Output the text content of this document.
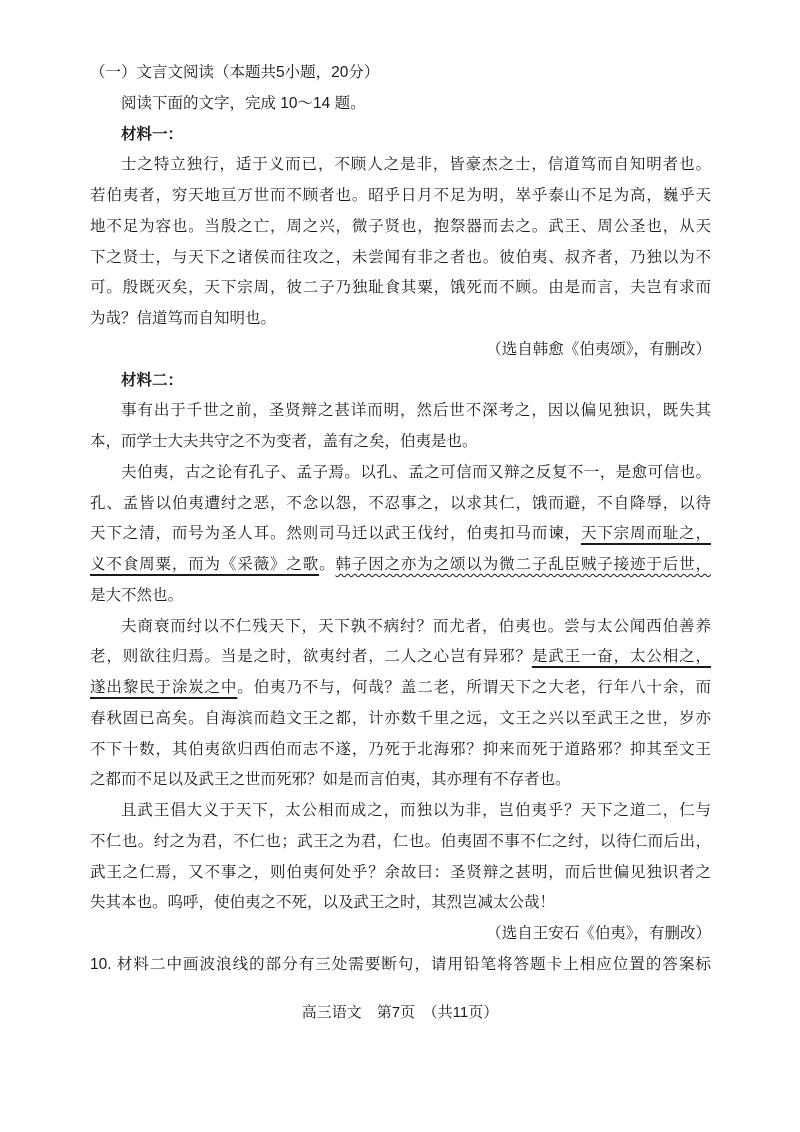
（一）文言文阅读（本题共5小题，20分）
阅读下面的文字，完成 10～14 题。
材料一：
士之特立独行，适于义而已，不顾人之是非，皆豪杰之士，信道笃而自知明者也。
若伯夷者，穷天地亘万世而不顾者也。昭乎日月不足为明，崒乎泰山不足为高，巍乎天
地不足为容也。当殷之亡，周之兴，微子贤也，抱祭器而去之。武王、周公圣也，从天
下之贤士，与天下之诸侯而往攻之，未尝闻有非之者也。彼伯夷、叔齐者，乃独以为不
可。殷既灭矣，天下宗周，彼二子乃独耻食其粟，饿死而不顾。由是而言，夫岂有求而
为哉？信道笃而自知明也。
（选自韩愈《伯夷颂》，有删改）
材料二：
事有出于千世之前，圣贤辩之甚详而明，然后世不深考之，因以偏见独识，既失其
本，而学士大夫共守之不为变者，盖有之矣，伯夷是也。
夫伯夷，古之论有孔子、孟子焉。以孔、孟之可信而又辩之反复不一，是愈可信也。
孔、孟皆以伯夷遭纣之恶，不念以怨，不忍事之，以求其仁，饿而避，不自降辱，以待
天下之清，而号为圣人耳。然则司马迁以武王伐纣，伯夷扣马而谏，天下宗周而耻之，
义不食周粟，而为《采薇》之歌。韩子因之亦为之颂以为微二子乱臣贼子接迹于后世，
是大不然也。
夫商衰而纣以不仁残天下，天下孰不病纣？而尤者，伯夷也。尝与太公闻西伯善养
老，则欲往归焉。当是之时，欲夷纣者，二人之心岂有异邪？是武王一奋，太公相之，
遂出黎民于涂炭之中。伯夷乃不与，何哉？盖二老，所谓天下之大老，行年八十余，而
春秋固已高矣。自海滨而趋文王之都，计亦数千里之远，文王之兴以至武王之世，岁亦
不下十数，其伯夷欲归西伯而志不遂，乃死于北海邪？抑来而死于道路邪？抑其至文王
之都而不足以及武王之世而死邪？如是而言伯夷，其亦理有不存者也。
且武王倡大义于天下，太公相而成之，而独以为非，岂伯夷乎？天下之道二，仁与
不仁也。纣之为君，不仁也；武王之为君，仁也。伯夷固不事不仁之纣，以待仁而后出，
武王之仁焉，又不事之，则伯夷何处乎？余故曰：圣贤辩之甚明，而后世偏见独识者之
失其本也。呜呼，使伯夷之不死，以及武王之时，其烈岂减太公哉！
（选自王安石《伯夷》，有删改）
10. 材料二中画波浪线的部分有三处需要断句，请用铅笔将答题卡上相应位置的答案标
高三语文　第7页　（共11页）
